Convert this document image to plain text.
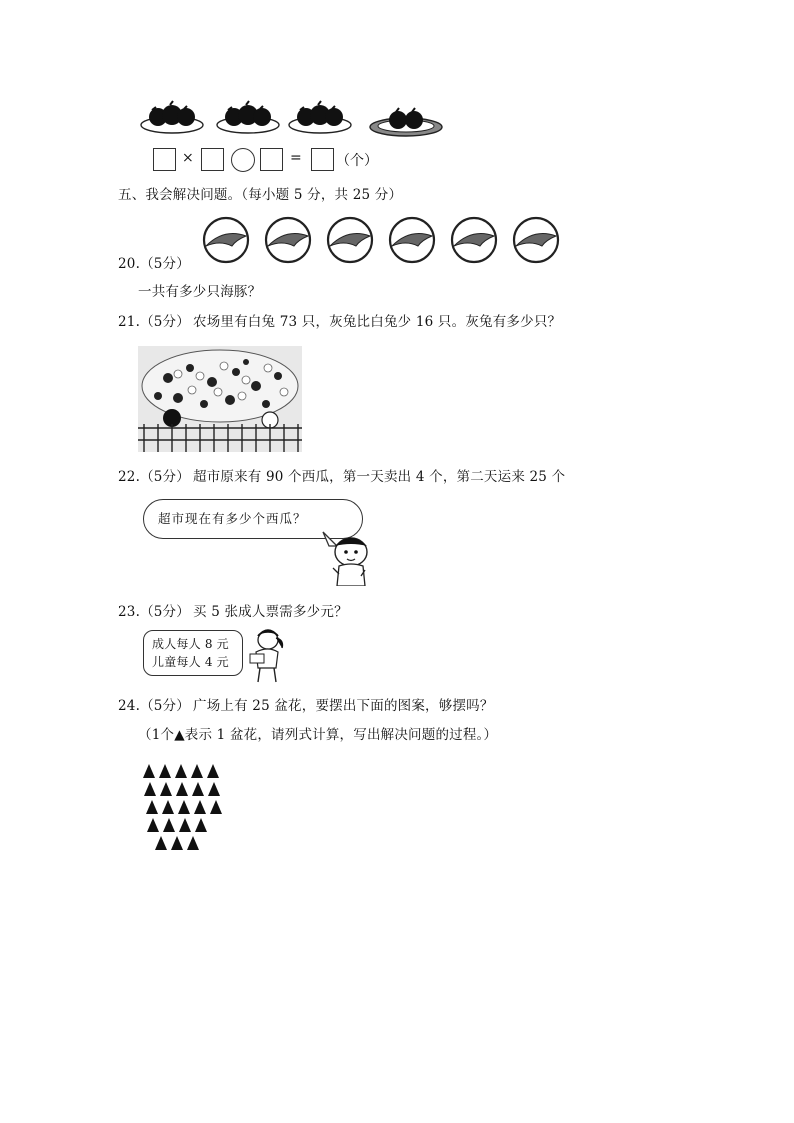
×	= （个）
五、我会解决问题。（每小题 5 分，共 25 分）
20.（5分）
一共有多少只海豚？
21.（5分） 农场里有白兔 73 只，灰兔比白兔少 16 只。灰兔有多少只？
22.（5分） 超市原来有 90 个西瓜，第一天卖出 4 个，第二天运来 25 个
超市现在有多少个西瓜？
23.（5分） 买 5 张成人票需多少元？
成人每人 8 元
儿童每人 4 元
24.（5分） 广场上有 25 盆花，要摆出下面的图案，够摆吗？
（1个▲表示 1 盆花，请列式计算，写出解决问题的过程。）
